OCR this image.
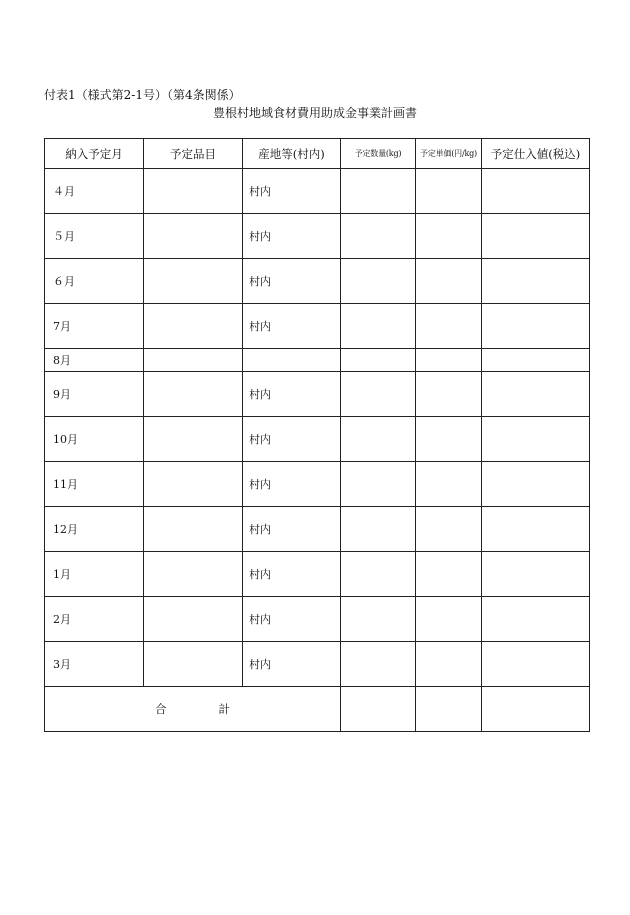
付表1（様式第2-1号）（第4条関係）
豊根村地域食材費用助成金事業計画書
納入予定月	予定品目	産地等(村内)	予定数量(kg)	予定単価(円/kg)	予定仕入値(税込)
４月		村内			
５月		村内			
６月		村内			
7月		村内			
8月					
9月		村内			
10月		村内			
11月		村内			
12月		村内			
1月		村内			
2月		村内			
3月		村内			
合 計					
